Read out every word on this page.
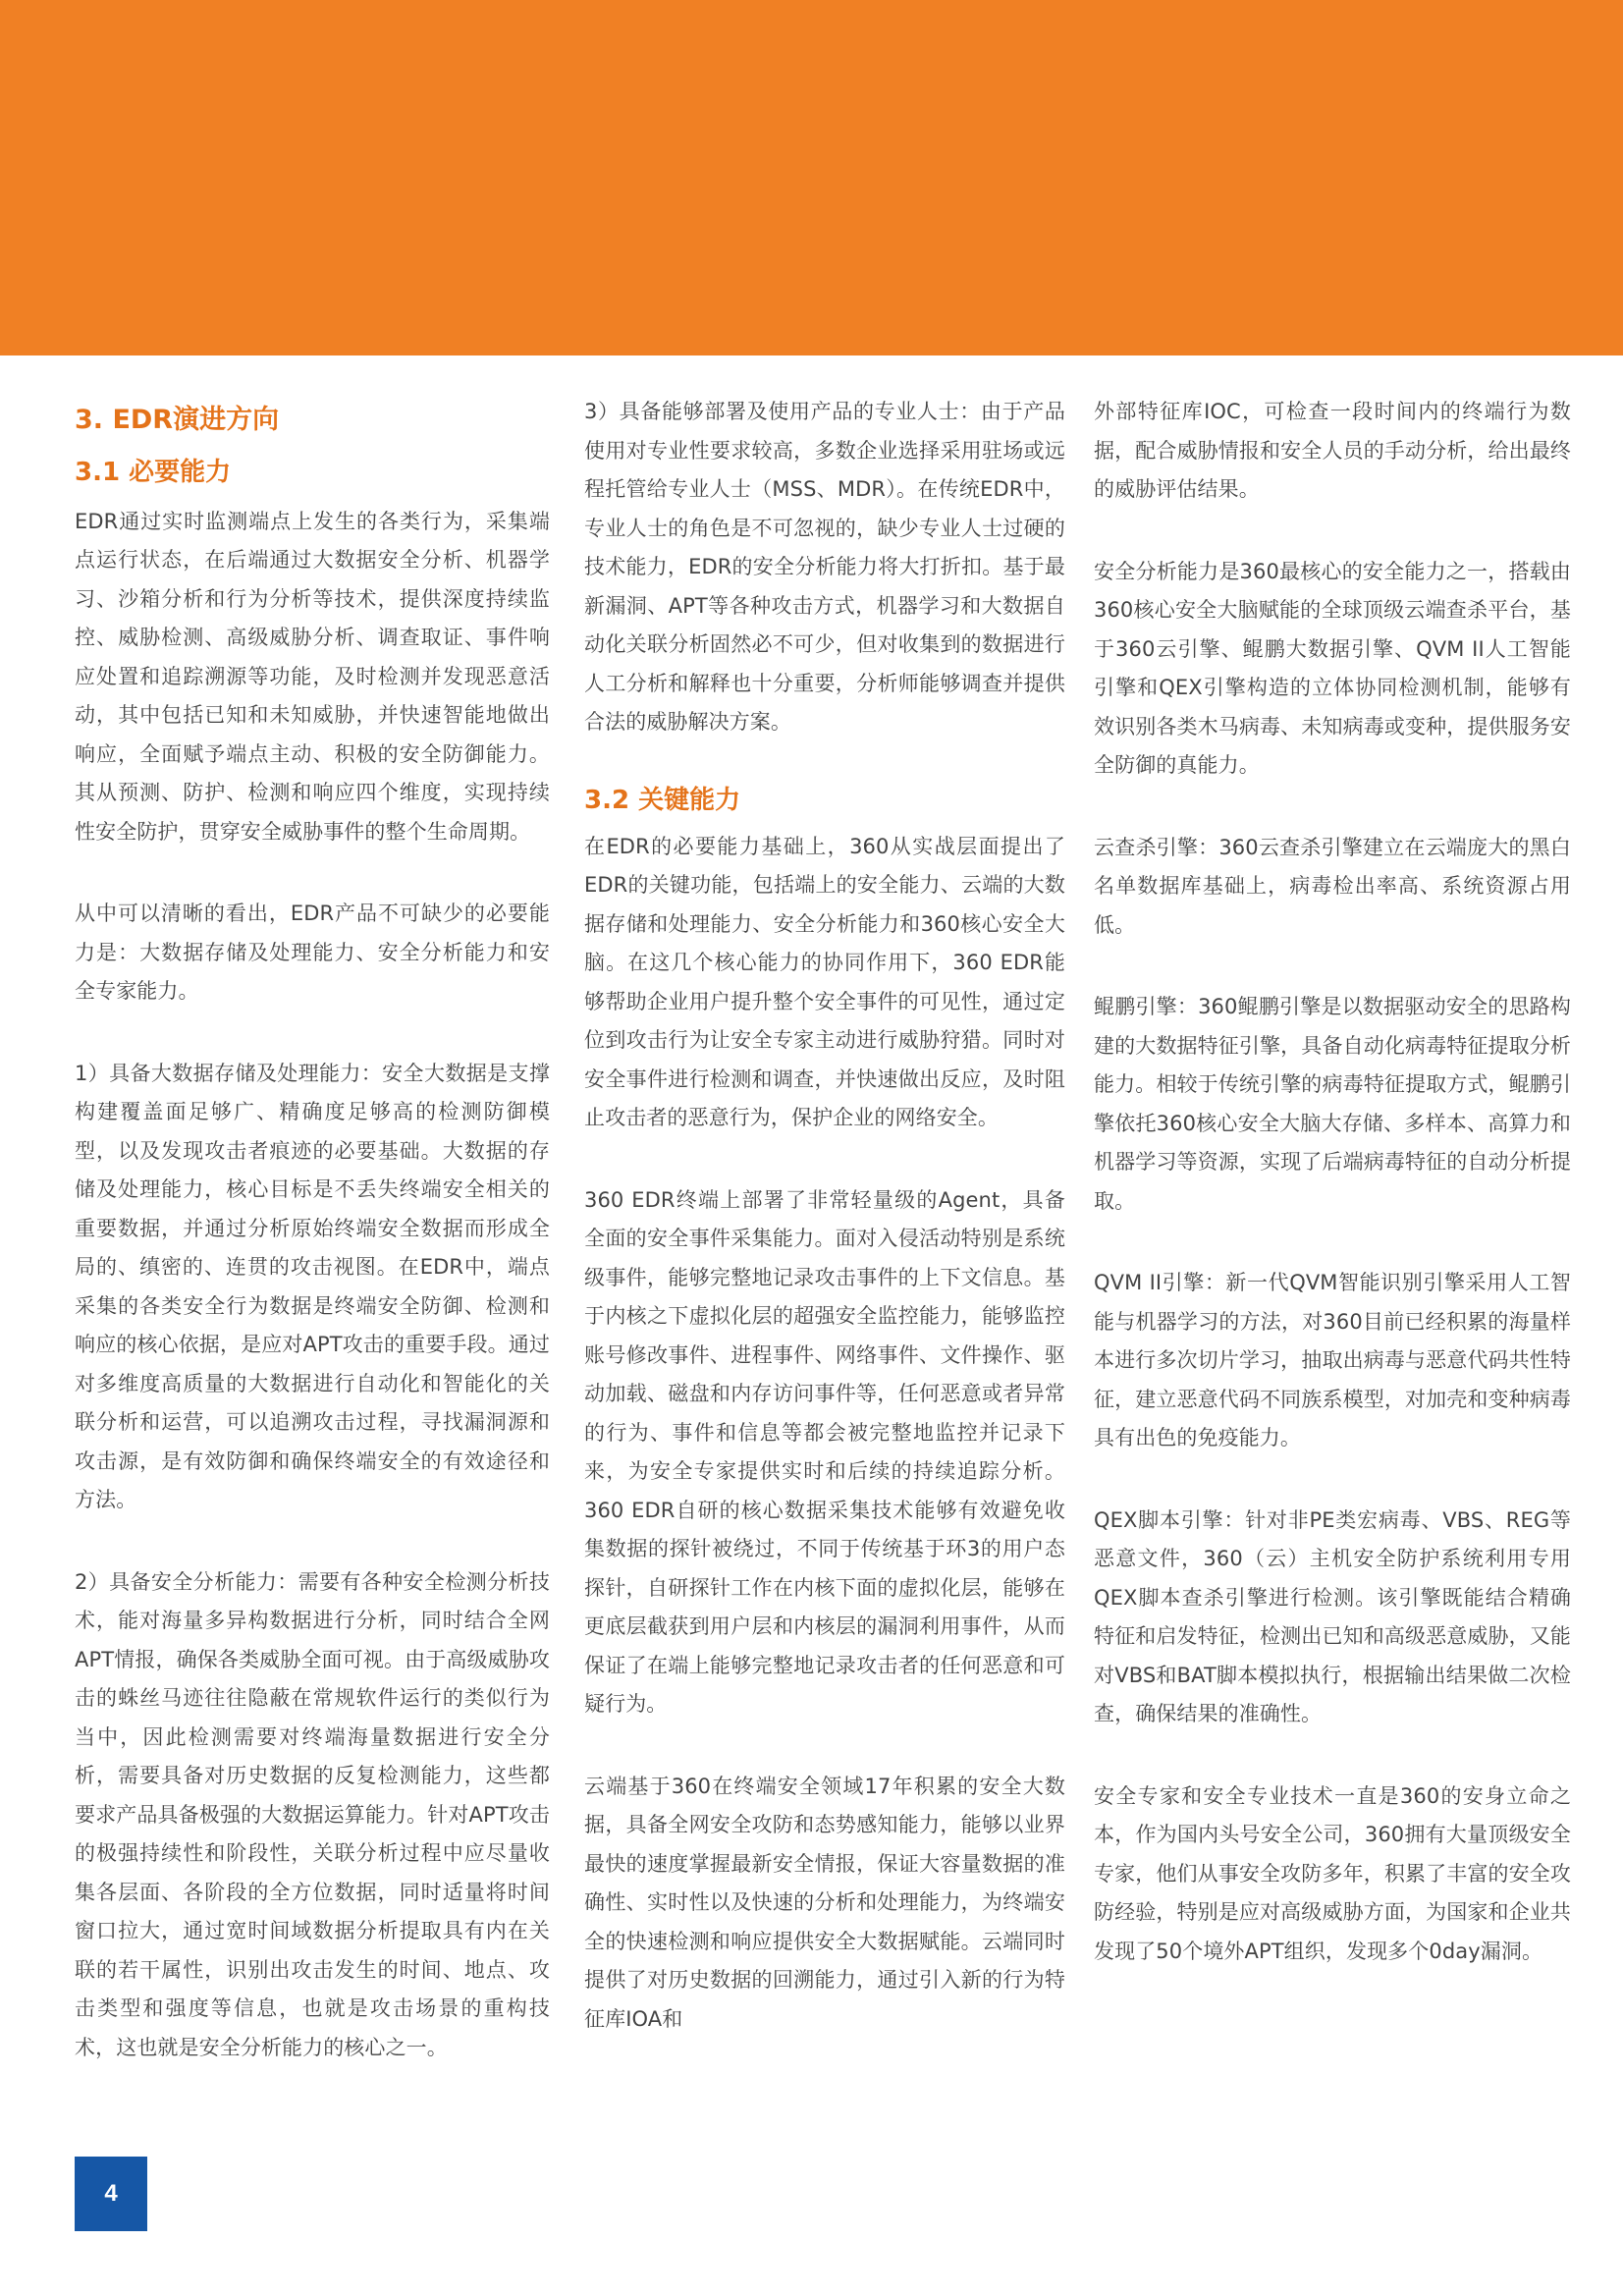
3. EDR演进方向
3.1 必要能力

EDR通过实时监测端点上发生的各类行为，采集端点运行状态，在后端通过大数据安全分析、机器学习、沙箱分析和行为分析等技术，提供深度持续监控、威胁检测、高级威胁分析、调查取证、事件响应处置和追踪溯源等功能，及时检测并发现恶意活动，其中包括已知和未知威胁，并快速智能地做出响应，全面赋予端点主动、积极的安全防御能力。其从预测、防护、检测和响应四个维度，实现持续性安全防护，贯穿安全威胁事件的整个生命周期。

从中可以清晰的看出，EDR产品不可缺少的必要能力是：大数据存储及处理能力、安全分析能力和安全专家能力。

1）具备大数据存储及处理能力：安全大数据是支撑构建覆盖面足够广、精确度足够高的检测防御模型，以及发现攻击者痕迹的必要基础。大数据的存储及处理能力，核心目标是不丢失终端安全相关的重要数据，并通过分析原始终端安全数据而形成全局的、缜密的、连贯的攻击视图。在EDR中，端点采集的各类安全行为数据是终端安全防御、检测和响应的核心依据，是应对APT攻击的重要手段。通过对多维度高质量的大数据进行自动化和智能化的关联分析和运营，可以追溯攻击过程，寻找漏洞源和攻击源，是有效防御和确保终端安全的有效途径和方法。

2）具备安全分析能力：需要有各种安全检测分析技术，能对海量多异构数据进行分析，同时结合全网APT情报，确保各类威胁全面可视。由于高级威胁攻击的蛛丝马迹往往隐蔽在常规软件运行的类似行为当中，因此检测需要对终端海量数据进行安全分析，需要具备对历史数据的反复检测能力，这些都要求产品具备极强的大数据运算能力。针对APT攻击的极强持续性和阶段性，关联分析过程中应尽量收集各层面、各阶段的全方位数据，同时适量将时间窗口拉大，通过宽时间域数据分析提取具有内在关联的若干属性，识别出攻击发生的时间、地点、攻击类型和强度等信息，也就是攻击场景的重构技术，这也就是安全分析能力的核心之一。

3）具备能够部署及使用产品的专业人士：由于产品使用对专业性要求较高，多数企业选择采用驻场或远程托管给专业人士（MSS、MDR）。在传统EDR中，专业人士的角色是不可忽视的，缺少专业人士过硬的技术能力，EDR的安全分析能力将大打折扣。基于最新漏洞、APT等各种攻击方式，机器学习和大数据自动化关联分析固然必不可少，但对收集到的数据进行人工分析和解释也十分重要，分析师能够调查并提供合法的威胁解决方案。

3.2 关键能力

在EDR的必要能力基础上，360从实战层面提出了EDR的关键功能，包括端上的安全能力、云端的大数据存储和处理能力、安全分析能力和360核心安全大脑。在这几个核心能力的协同作用下，360 EDR能够帮助企业用户提升整个安全事件的可见性，通过定位到攻击行为让安全专家主动进行威胁狩猎。同时对安全事件进行检测和调查，并快速做出反应，及时阻止攻击者的恶意行为，保护企业的网络安全。

360 EDR终端上部署了非常轻量级的Agent，具备全面的安全事件采集能力。面对入侵活动特别是系统级事件，能够完整地记录攻击事件的上下文信息。基于内核之下虚拟化层的超强安全监控能力，能够监控账号修改事件、进程事件、网络事件、文件操作、驱动加载、磁盘和内存访问事件等，任何恶意或者异常的行为、事件和信息等都会被完整地监控并记录下来，为安全专家提供实时和后续的持续追踪分析。360 EDR自研的核心数据采集技术能够有效避免收集数据的探针被绕过，不同于传统基于环3的用户态探针，自研探针工作在内核下面的虚拟化层，能够在更底层截获到用户层和内核层的漏洞利用事件，从而保证了在端上能够完整地记录攻击者的任何恶意和可疑行为。

云端基于360在终端安全领域17年积累的安全大数据，具备全网安全攻防和态势感知能力，能够以业界最快的速度掌握最新安全情报，保证大容量数据的准确性、实时性以及快速的分析和处理能力，为终端安全的快速检测和响应提供安全大数据赋能。云端同时提供了对历史数据的回溯能力，通过引入新的行为特征库IOA和

外部特征库IOC，可检查一段时间内的终端行为数据，配合威胁情报和安全人员的手动分析，给出最终的威胁评估结果。

安全分析能力是360最核心的安全能力之一，搭载由360核心安全大脑赋能的全球顶级云端查杀平台，基于360云引擎、鲲鹏大数据引擎、QVM II人工智能引擎和QEX引擎构造的立体协同检测机制，能够有效识别各类木马病毒、未知病毒或变种，提供服务安全防御的真能力。

云查杀引擎：360云查杀引擎建立在云端庞大的黑白名单数据库基础上，病毒检出率高、系统资源占用低。

鲲鹏引擎：360鲲鹏引擎是以数据驱动安全的思路构建的大数据特征引擎，具备自动化病毒特征提取分析能力。相较于传统引擎的病毒特征提取方式，鲲鹏引擎依托360核心安全大脑大存储、多样本、高算力和机器学习等资源，实现了后端病毒特征的自动分析提取。

QVM II引擎：新一代QVM智能识别引擎采用人工智能与机器学习的方法，对360目前已经积累的海量样本进行多次切片学习，抽取出病毒与恶意代码共性特征，建立恶意代码不同族系模型，对加壳和变种病毒具有出色的免疫能力。

QEX脚本引擎：针对非PE类宏病毒、VBS、REG等恶意文件，360（云）主机安全防护系统利用专用QEX脚本查杀引擎进行检测。该引擎既能结合精确特征和启发特征，检测出已知和高级恶意威胁，又能对VBS和BAT脚本模拟执行，根据输出结果做二次检查，确保结果的准确性。

安全专家和安全专业技术一直是360的安身立命之本，作为国内头号安全公司，360拥有大量顶级安全专家，他们从事安全攻防多年，积累了丰富的安全攻防经验，特别是应对高级威胁方面，为国家和企业共发现了50个境外APT组织，发现多个0day漏洞。

4
